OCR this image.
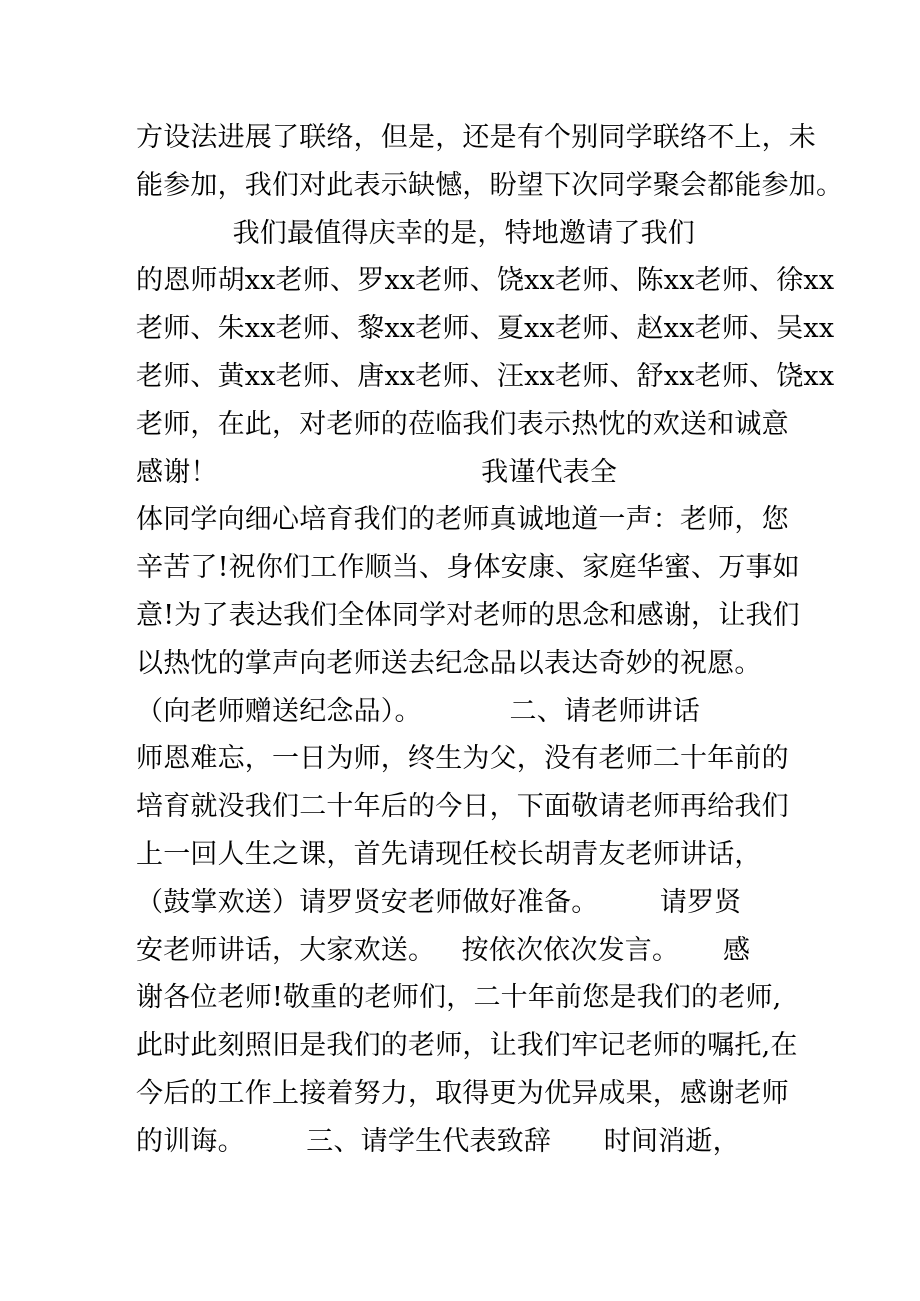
方设法进展了联络，但是，还是有个别同学联络不上，未
能参加，我们对此表示缺憾，盼望下次同学聚会都能参加。
我们最值得庆幸的是，特地邀请了我们
的恩师胡xx老师、罗xx老师、饶xx老师、陈xx老师、徐xx
老师、朱xx老师、黎xx老师、夏xx老师、赵xx老师、吴xx
老师、黄xx老师、唐xx老师、汪xx老师、舒xx老师、饶xx
老师，在此，对老师的莅临我们表示热忱的欢送和诚意
感谢！                              我谨代表全
体同学向细心培育我们的老师真诚地道一声：老师，您
辛苦了!祝你们工作顺当、身体安康、家庭华蜜、万事如
意!为了表达我们全体同学对老师的思念和感谢，让我们
以热忱的掌声向老师送去纪念品以表达奇妙的祝愿。
（向老师赠送纪念品）。          二、请老师讲话
师恩难忘，一日为师，终生为父，没有老师二十年前的
培育就没我们二十年后的今日，下面敬请老师再给我们
上一回人生之课，首先请现任校长胡青友老师讲话，
（鼓掌欢送）请罗贤安老师做好准备。       请罗贤
安老师讲话，大家欢送。   按依次依次发言。     感
谢各位老师!敬重的老师们，二十年前您是我们的老师,
此时此刻照旧是我们的老师，让我们牢记老师的嘱托,在
今后的工作上接着努力，取得更为优异成果，感谢老师
的训诲。       三、请学生代表致辞      时间消逝，
